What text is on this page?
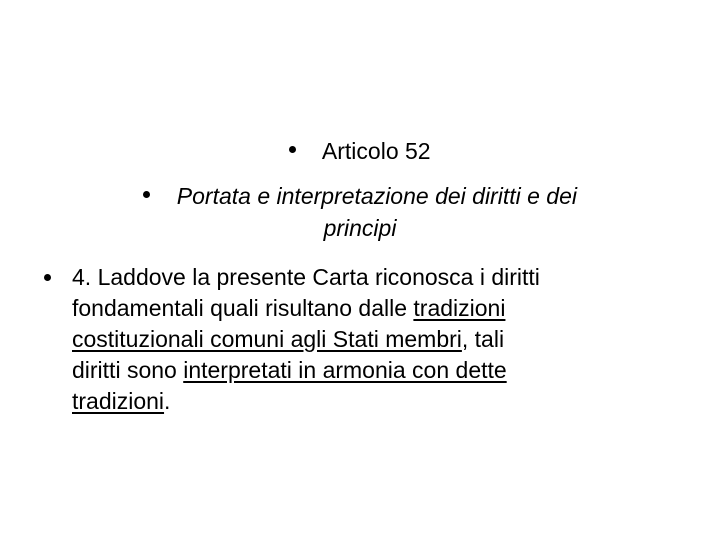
Articolo 52
Portata e interpretazione dei diritti e dei
principi
4. Laddove la presente Carta riconosca i diritti
fondamentali quali risultano dalle tradizioni
costituzionali comuni agli Stati membri, tali
diritti sono interpretati in armonia con dette
tradizioni.
